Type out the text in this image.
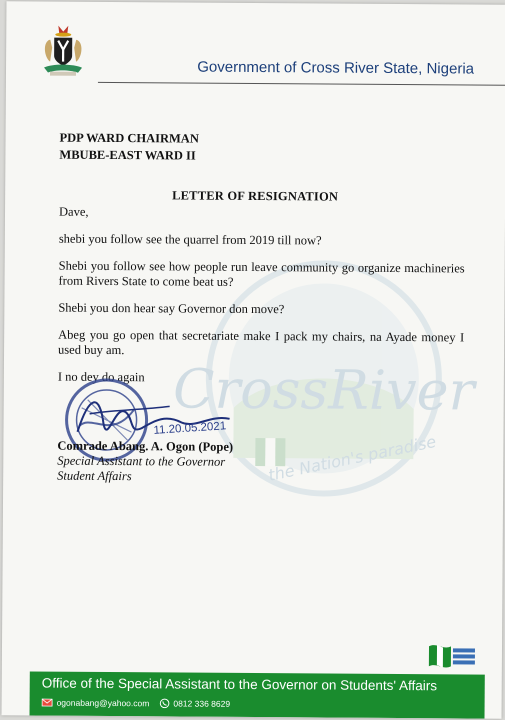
Government of Cross River State, Nigeria
CrossRiver
the Nation's paradise
PDP WARD CHAIRMAN
MBUBE-EAST WARD II
LETTER OF RESIGNATION

Dave,

shebi you follow see the quarrel from 2019 till now?

Shebi you follow see how people run leave community go organize machineries from Rivers State to come beat us?

Shebi you don hear say Governor don move?

Abeg you go open that secretariate make I pack my chairs, na Ayade money I used buy am.

I no dey do again

11.20.05.2021
Comrade Abang. A. Ogon (Pope)
Special Assistant to the Governor
Student Affairs
Office of the Special Assistant to the Governor on Students' Affairs
ogonabang@yahoo.com	0812 336 8629
